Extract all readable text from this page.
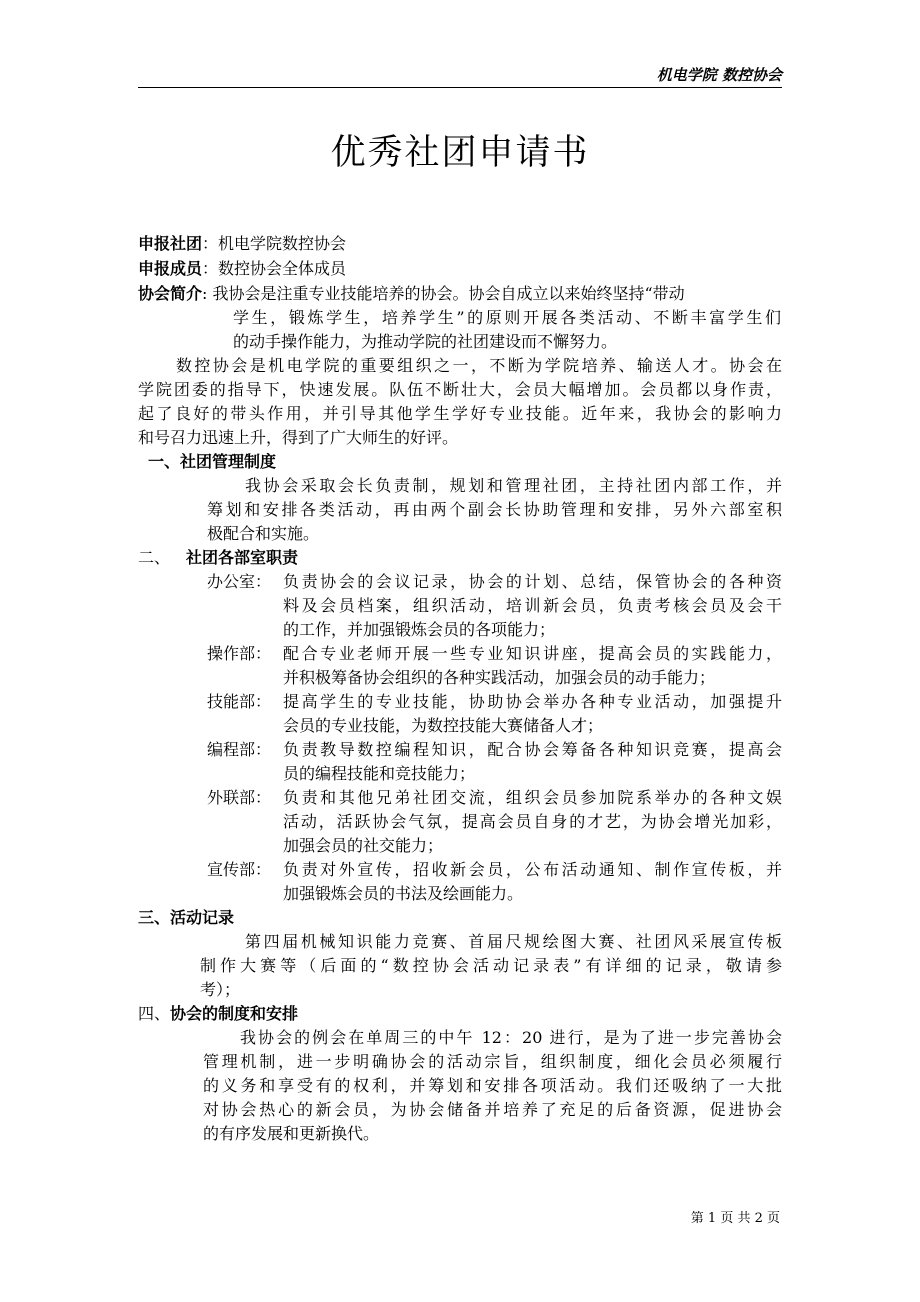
机电学院 数控协会
优秀社团申请书
申报社团：机电学院数控协会
申报成员：数控协会全体成员
协会简介: 我协会是注重专业技能培养的协会。协会自成立以来始终坚持“带动
学生，锻炼学生，培养学生”的原则开展各类活动、不断丰富学生们
的动手操作能力，为推动学院的社团建设而不懈努力。
数控协会是机电学院的重要组织之一，不断为学院培养、输送人才。协会在
学院团委的指导下，快速发展。队伍不断壮大，会员大幅增加。会员都以身作责，
起了良好的带头作用，并引导其他学生学好专业技能。近年来，我协会的影响力
和号召力迅速上升，得到了广大师生的好评。
一、社团管理制度
我协会采取会长负责制，规划和管理社团，主持社团内部工作，并
筹划和安排各类活动，再由两个副会长协助管理和安排，另外六部室积
极配合和实施。
二、 社团各部室职责
办公室： 负责协会的会议记录，协会的计划、总结，保管协会的各种资
料及会员档案，组织活动，培训新会员，负责考核会员及会干
的工作，并加强锻炼会员的各项能力；
操作部： 配合专业老师开展一些专业知识讲座，提高会员的实践能力，
并积极筹备协会组织的各种实践活动，加强会员的动手能力；
技能部： 提高学生的专业技能，协助协会举办各种专业活动，加强提升
会员的专业技能，为数控技能大赛储备人才；
编程部： 负责教导数控编程知识，配合协会筹备各种知识竞赛，提高会
员的编程技能和竞技能力；
外联部： 负责和其他兄弟社团交流，组织会员参加院系举办的各种文娱
活动，活跃协会气氛，提高会员自身的才艺，为协会增光加彩，
加强会员的社交能力；
宣传部： 负责对外宣传，招收新会员，公布活动通知、制作宣传板，并
加强锻炼会员的书法及绘画能力。
三、活动记录
第四届机械知识能力竞赛、首届尺规绘图大赛、社团风采展宣传板
制作大赛等（后面的“数控协会活动记录表”有详细的记录，敬请参
考）；
四、协会的制度和安排
我协会的例会在单周三的中午 12：20 进行，是为了进一步完善协会
管理机制，进一步明确协会的活动宗旨，组织制度，细化会员必须履行
的义务和享受有的权利，并筹划和安排各项活动。我们还吸纳了一大批
对协会热心的新会员，为协会储备并培养了充足的后备资源，促进协会
的有序发展和更新换代。
第 1 页 共 2 页
